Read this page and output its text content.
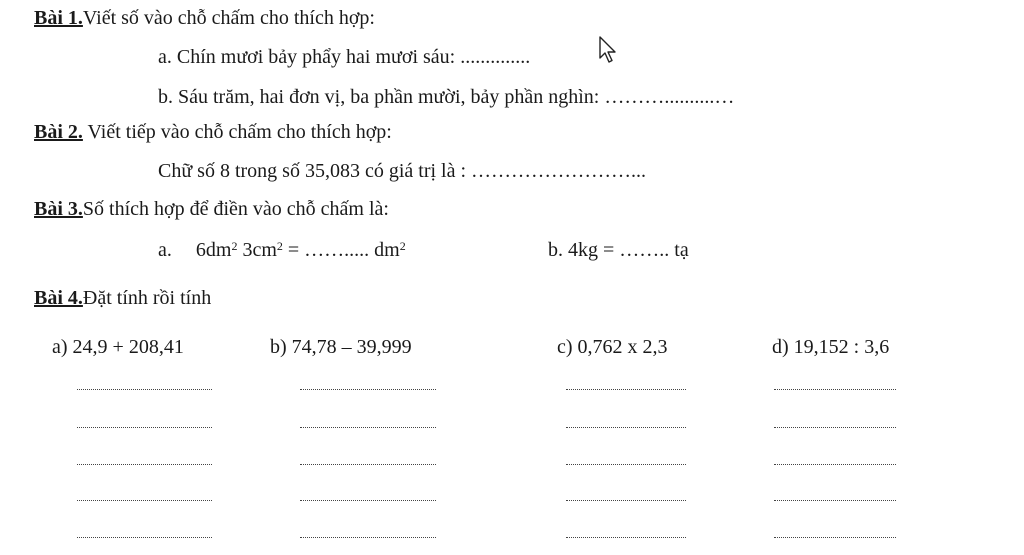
Bài 1.Viết số vào chỗ chấm cho thích hợp:
a. Chín mươi bảy phẩy hai mươi sáu: ..............
b. Sáu trăm, hai đơn vị, ba phần mười, bảy phần nghìn: ………..........…
Bài 2. Viết tiếp vào chỗ chấm cho thích hợp:
Chữ số 8 trong số 35,083 có giá trị là : ……………………...
Bài 3.Số thích hợp để điền vào chỗ chấm là:
a. $6dm^2$ $3cm^2$ = ……..... $dm^2$	b. 4kg = …….. tạ
Bài 4.Đặt tính rồi tính
a) 24,9 + 208,41	b) 74,78 – 39,999	c) 0,762 x 2,3	d) 19,152 : 3,6
